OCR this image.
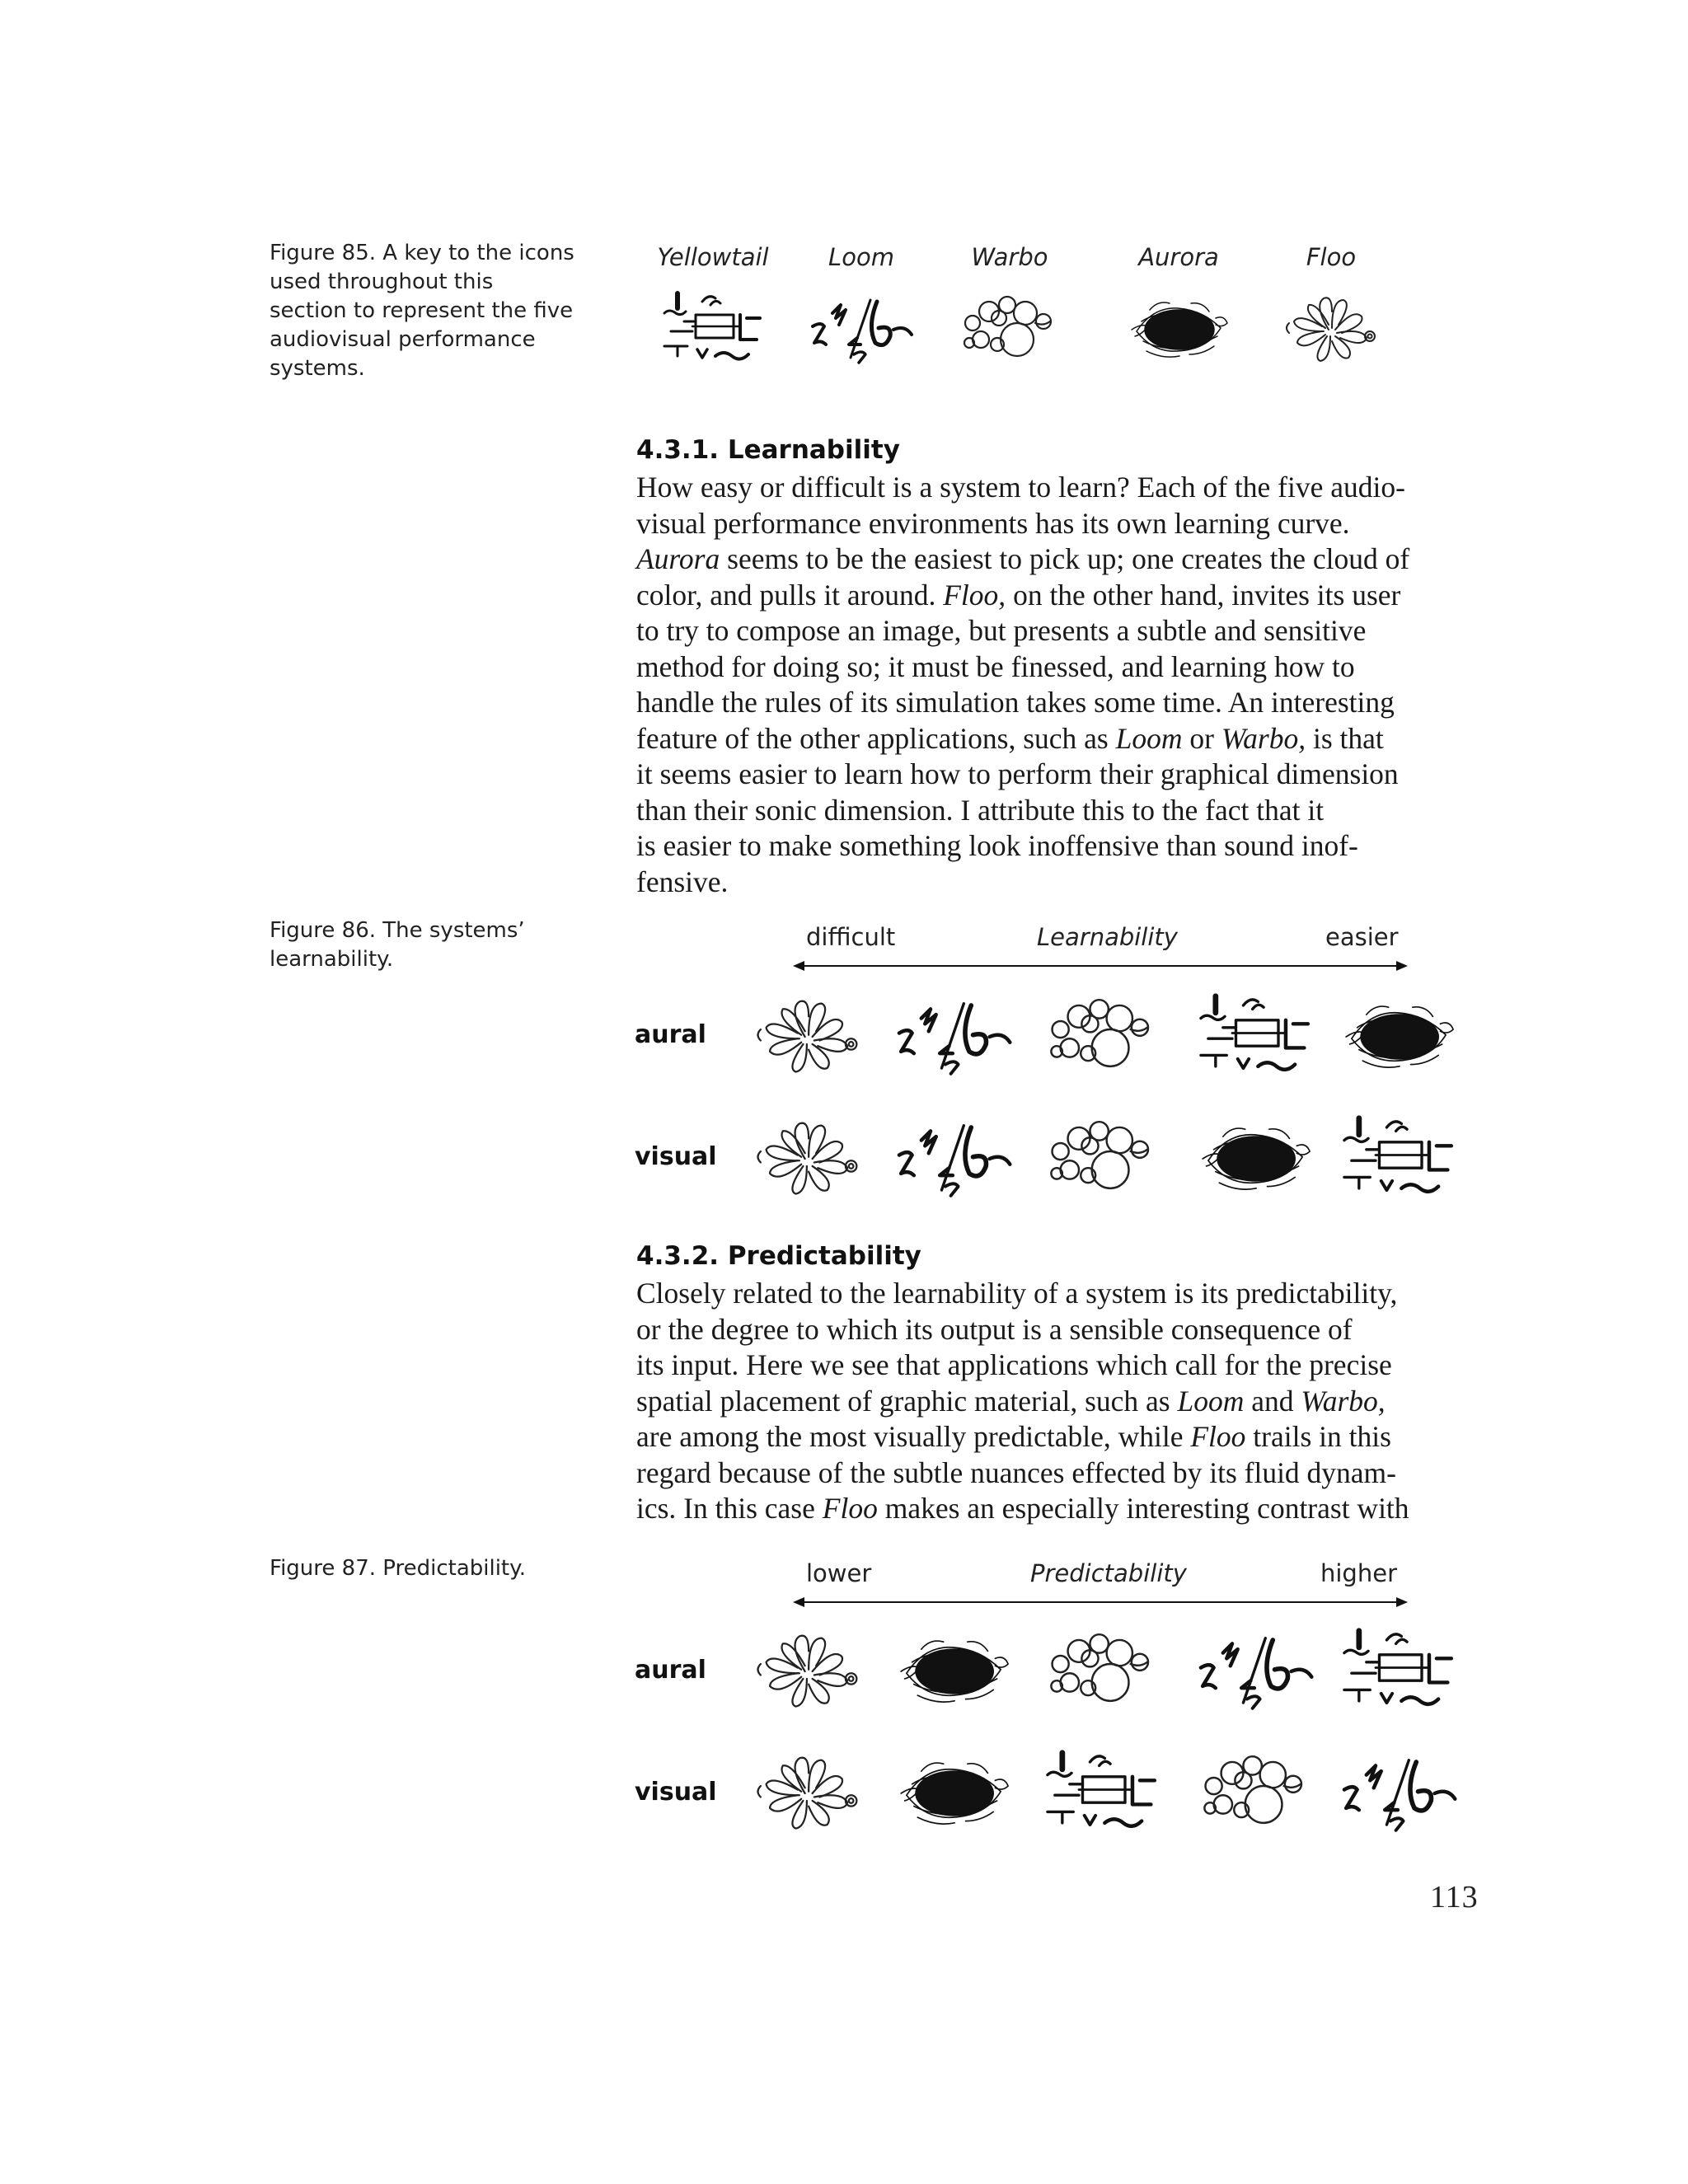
Figure 85. A key to the icons used throughout this section to represent the five audiovisual performance systems.
Figure 86. The systems’ learnability.
Figure 87. Predictability.
Yellowtail	Loom	Warbo	Aurora	Floo
4.3.1. Learnability

How easy or difficult is a system to learn? Each of the five audio-

visual performance environments has its own learning curve.

Aurora seems to be the easiest to pick up; one creates the cloud of

color, and pulls it around. Floo, on the other hand, invites its user

to try to compose an image, but presents a subtle and sensitive

method for doing so; it must be finessed, and learning how to

handle the rules of its simulation takes some time. An interesting

feature of the other applications, such as Loom or Warbo, is that

it seems easier to learn how to perform their graphical dimension

than their sonic dimension. I attribute this to the fact that it

is easier to make something look inoffensive than sound inof-

fensive.

difficult	Learnability	easier
aural
visual
4.3.2. Predictability

Closely related to the learnability of a system is its predictability,

or the degree to which its output is a sensible consequence of

its input. Here we see that applications which call for the precise

spatial placement of graphic material, such as Loom and Warbo,

are among the most visually predictable, while Floo trails in this

regard because of the subtle nuances effected by its fluid dynam-

ics. In this case Floo makes an especially interesting contrast with

lower	Predictability	higher
aural
visual
113
